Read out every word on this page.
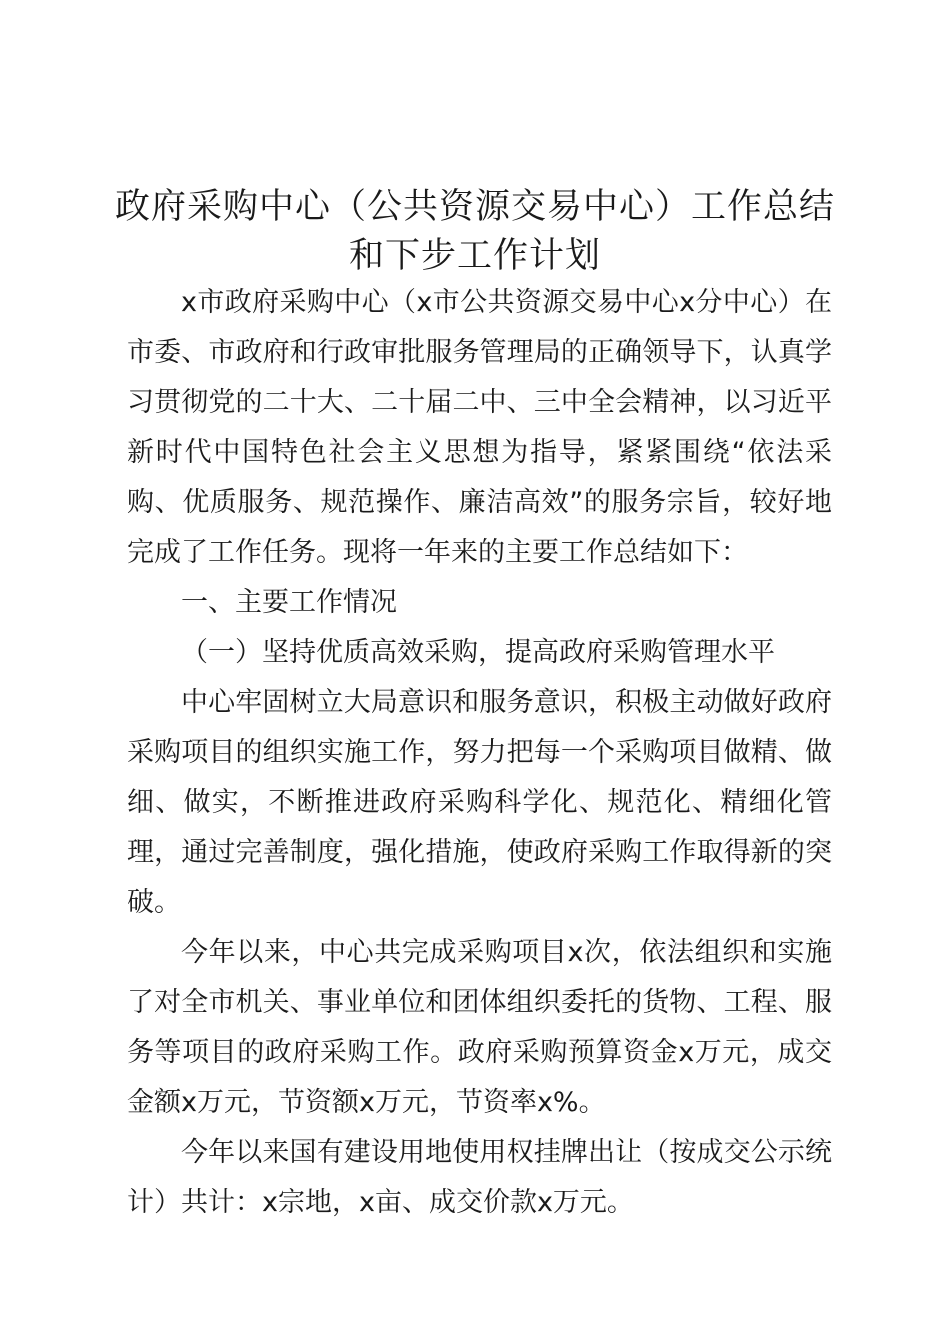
政府采购中心（公共资源交易中心）工作总结
和下步工作计划

x市政府采购中心（x市公共资源交易中心x分中心）在市委、市政府和行政审批服务管理局的正确领导下，认真学习贯彻党的二十大、二十届二中、三中全会精神，以习近平新时代中国特色社会主义思想为指导，紧紧围绕“依法采购、优质服务、规范操作、廉洁高效”的服务宗旨，较好地完成了工作任务。现将一年来的主要工作总结如下：

一、主要工作情况

（一）坚持优质高效采购，提高政府采购管理水平

中心牢固树立大局意识和服务意识，积极主动做好政府采购项目的组织实施工作，努力把每一个采购项目做精、做细、做实，不断推进政府采购科学化、规范化、精细化管理，通过完善制度，强化措施，使政府采购工作取得新的突破。

今年以来，中心共完成采购项目x次，依法组织和实施了对全市机关、事业单位和团体组织委托的货物、工程、服务等项目的政府采购工作。政府采购预算资金x万元，成交金额x万元，节资额x万元，节资率x%。

今年以来国有建设用地使用权挂牌出让（按成交公示统计）共计：x宗地，x亩、成交价款x万元。
